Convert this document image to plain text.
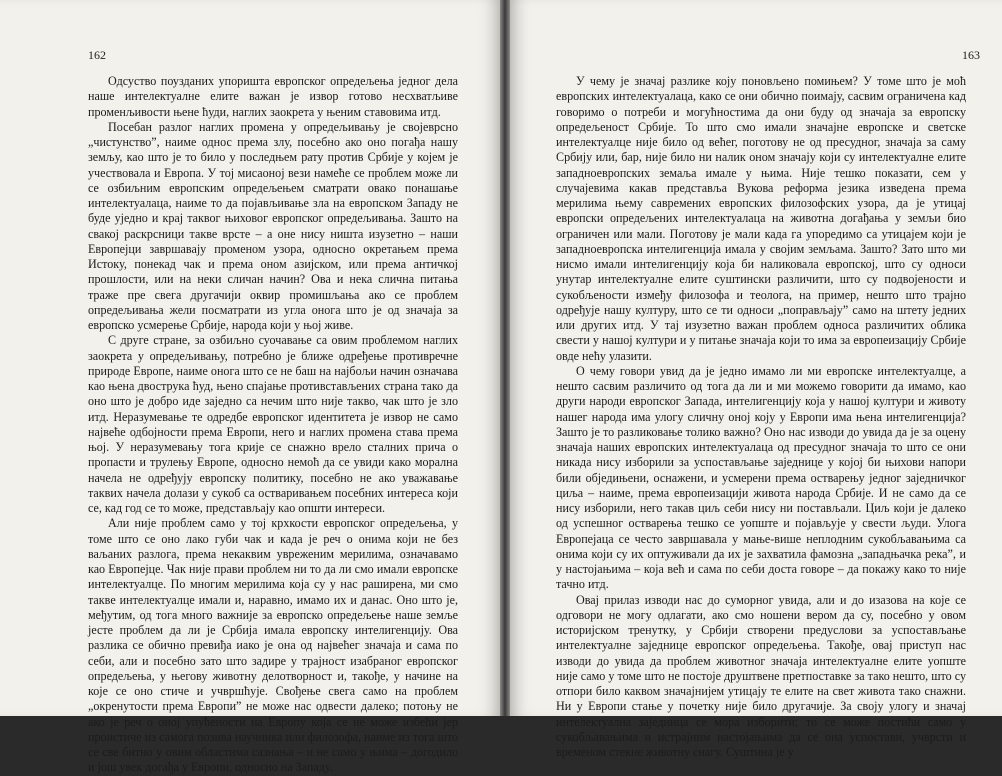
162

Одсуство поузданих упоришта европског опредељења једног дела наше интелектуалне елите важан је извор готово несхватљиве променљивости њене ћуди, наглих заокрета у њеним ставовима итд.

Посебан разлог наглих промена у опредељивању је својеврсно „чистунство”, наиме однос према злу, посебно ако оно погађа нашу земљу, као што је то било у последњем рату против Србије у којем је учествовала и Европа. У тој мисаоној вези намеће се проблем може ли се озбиљним европским опредељењем сматрати овако понашање интелектуалаца, наиме то да појављивање зла на европском Западу не буде уједно и крај таквог њиховог европског опредељивања. Зашто на свакој раскрсници такве врсте – а оне нису ништа изузетно – наши Европејци завршавају променом узора, односно окретањем према Истоку, понекад чак и према оном азијском, или према античкој прошлости, или на неки сличан начин? Ова и нека слична питања траже пре свега другачији оквир промишљања ако се проблем опредељивања жели посматрати из угла онога што је од значаја за европско усмерење Србије, народа који у њој живе.

С друге стране, за озбиљно суочавање са овим проблемом наглих заокрета у опредељивању, потребно је ближе одређење противречне природе Европе, наиме онога што се не баш на најбољи начин означава као њена двострука ћуд, њено спајање противстављених страна тако да оно што је добро иде заједно са нечим што није такво, чак што је зло итд. Неразумевање те одредбе европског идентитета је извор не само највеће одбојности према Европи, него и наглих промена става према њој. У неразумевању тога крије се снажно врело сталних прича о пропасти и трулењу Европе, односно немоћ да се увиди како морална начела не одређују европску политику, посебно не ако уважавање таквих начела долази у сукоб са остваривањем посебних интереса који се, кад год се то може, представљају као општи интереси.

Али није проблем само у тој крхкости европског опредељења, у томе што се оно лако губи чак и када је реч о онима који не без ваљаних разлога, према некаквим увреженим мерилима, означавамо као Европејце. Чак није прави проблем ни то да ли смо имали европске интелектуалце. По многим мерилима која су у нас раширена, ми смо такве интелектуалце имали и, наравно, имамо их и данас. Оно што је, међутим, од тога много важније за европско опредељење наше земље јесте проблем да ли је Србија имала европску интелигенцију. Ова разлика се обично превиђа иако је она од највећег значаја и сама по себи, али и посебно зато што задире у трајност изабраног европског опредељења, у његову животну делотворност и, такође, у начине на које се оно стиче и учвршћује. Свођење свега само на проблем „окренутости према Европи” не може нас одвести далеко; потоњу не ако је реч о оној упућености на Европу која се не може избећи јер проистиче из самога позива научника или филозофа, наиме из тога што се све битно у овим областима сазнања – и не само у њима – догодило и још увек догађа у Европи, односно на Западу.

163

У чему је значај разлике коју поновљено помињем? У томе што је моћ европских интелектуалаца, како се они обично поимају, сасвим ограничена кад говоримо о потреби и могућностима да они буду од значаја за европску опредељеност Србије. То што смо имали значајне европске и светске интелектуалце није било од већег, поготову не од пресудног, значаја за саму Србију или, бар, није било ни налик оном значају који су интелектуалне елите западноевропских земаља имале у њима. Није тешко показати, сем у случајевима какав представља Вукова реформа језика изведена према мерилима њему савремених европских филозофских узора, да је утицај европски опредељених интелектуалаца на животна догађања у земљи био ограничен или мали. Поготову је мали када га упоредимо са утицајем који је западноевропска интелигенција имала у својим земљама. Зашто? Зато што ми нисмо имали интелигенцију која би наликовала европској, што су односи унутар интелектуалне елите суштински различити, што су подвојености и сукобљености између филозофа и теолога, на пример, нешто што трајно одређује нашу културу, што се ти односи „поправљају” само на штету једних или других итд. У тај изузетно важан проблем односа различитих облика свести у нашој култури и у питање значаја који то има за европеизацију Србије овде нећу улазити.

О чему говори увид да је једно имамо ли ми европске интелектуалце, а нешто сасвим различито од тога да ли и ми можемо говорити да имамо, као други народи европског Запада, интелигенцију која у нашој култури и животу нашег народа има улогу сличну оној коју у Европи има њена интелигенција? Зашто је то разликовање толико важно? Оно нас изводи до увида да је за оцену значаја наших европских интелектуалаца од пресудног значаја то што се они никада нису изборили за успостављање заједнице у којој би њихови напори били обједињени, оснажени, и усмерени према остварењу једног заједничког циља – наиме, према европеизацији живота народа Србије. И не само да се нису изборили, него такав циљ себи нису ни постављали. Циљ који је далеко од успешног остварења тешко се уопште и појављује у свести људи. Улога Европејаца се често завршавала у мање-више неплодним сукобљавањима са онима који су их оптуживали да их је захватила фамозна „западњачка река”, и у настојањима – која већ и сама по себи доста говоре – да покажу како то није тачно итд.

Овај прилаз изводи нас до суморног увида, али и до изазова на које се одговори не могу одлагати, ако смо ношени вером да су, посебно у овом историјском тренутку, у Србији створени предуслови за успостављање интелектуалне заједнице европског опредељења. Такође, овај приступ нас изводи до увида да проблем животног значаја интелектуалне елите уопште није само у томе што не постоје друштвене претпоставке за тако нешто, што су отпори било каквом значајнијем утицају те елите на свет живота тако снажни. Ни у Европи стање у почетку није било другачије. За своју улогу и значај интелектуална заједница се мора изборити; то се може постићи само у сукобљавањима и истрајним настојањима да се она успостави, учврсти и временом стекне животну снагу. Суштина је у
